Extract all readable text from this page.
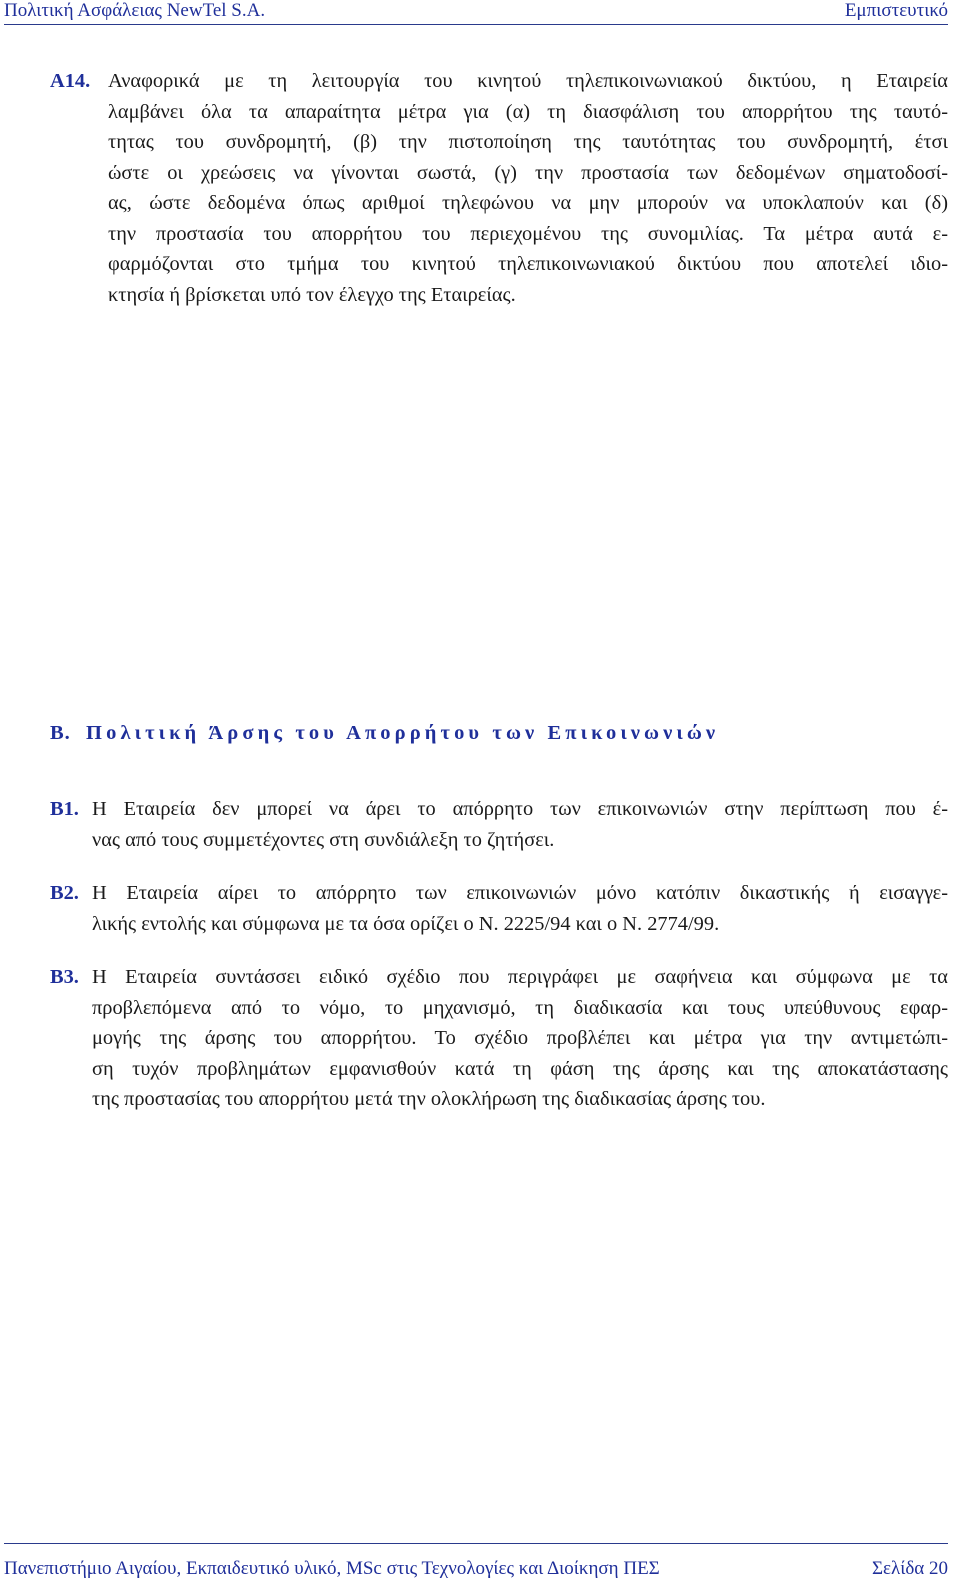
Πολιτική Ασφάλειας NewTel S.A.	Εμπιστευτικό
A14. Αναφορικά με τη λειτουργία του κινητού τηλεπικοινωνιακού δικτύου, η Εταιρεία
λαμβάνει όλα τα απαραίτητα μέτρα για (α) τη διασφάλιση του απορρήτου της ταυτό-
τητας του συνδρομητή, (β) την πιστοποίηση της ταυτότητας του συνδρομητή, έτσι
ώστε οι χρεώσεις να γίνονται σωστά, (γ) την προστασία των δεδομένων σηματοδοσί-
ας, ώστε δεδομένα όπως αριθμοί τηλεφώνου να μην μπορούν να υποκλαπούν και (δ)
την προστασία του απορρήτου του περιεχομένου της συνομιλίας. Τα μέτρα αυτά ε-
φαρμόζονται στο τμήμα του κινητού τηλεπικοινωνιακού δικτύου που αποτελεί ιδιο-
κτησία ή βρίσκεται υπό τον έλεγχο της Εταιρείας.
Β. Πολιτική Άρσης του Απορρήτου των Επικοινωνιών
Β1. Η Εταιρεία δεν μπορεί να άρει το απόρρητο των επικοινωνιών στην περίπτωση που έ-
νας από τους συμμετέχοντες στη συνδιάλεξη το ζητήσει.
Β2. Η Εταιρεία αίρει το απόρρητο των επικοινωνιών μόνο κατόπιν δικαστικής ή εισαγγε-
λικής εντολής και σύμφωνα με τα όσα ορίζει ο Ν. 2225/94 και ο Ν. 2774/99.
Β3. Η Εταιρεία συντάσσει ειδικό σχέδιο που περιγράφει με σαφήνεια και σύμφωνα με τα
προβλεπόμενα από το νόμο, το μηχανισμό, τη διαδικασία και τους υπεύθυνους εφαρ-
μογής της άρσης του απορρήτου. Το σχέδιο προβλέπει και μέτρα για την αντιμετώπι-
ση τυχόν προβλημάτων εμφανισθούν κατά τη φάση της άρσης και της αποκατάστασης
της προστασίας του απορρήτου μετά την ολοκλήρωση της διαδικασίας άρσης του.
Πανεπιστήμιο Αιγαίου, Εκπαιδευτικό υλικό, MSc στις Τεχνολογίες και Διοίκηση ΠΕΣ	Σελίδα 20
